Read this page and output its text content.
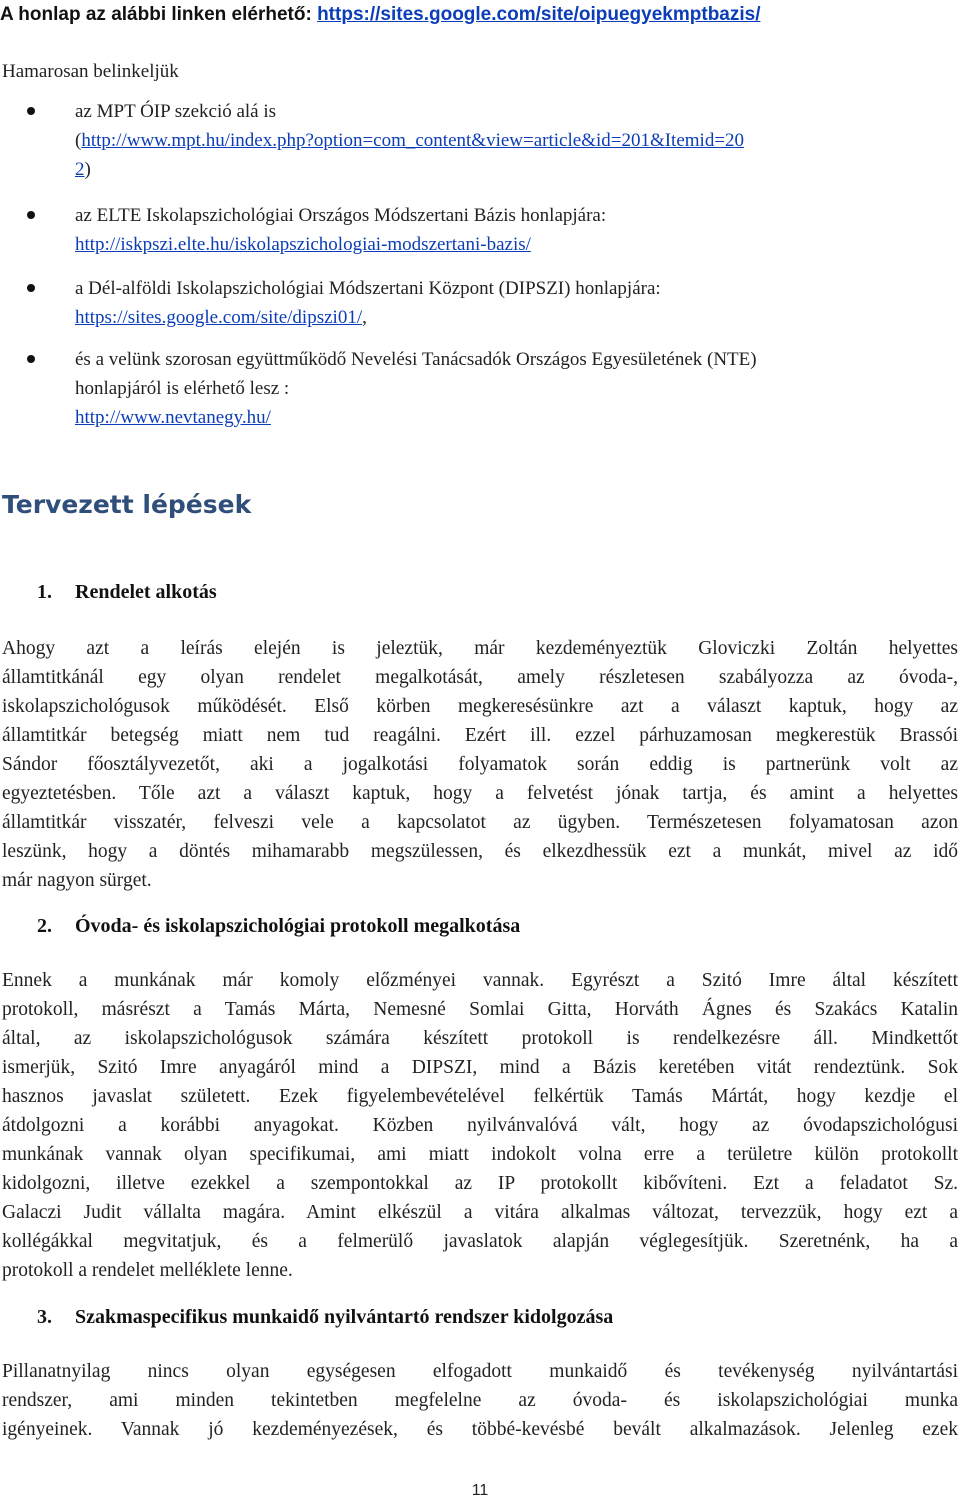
A honlap az alábbi linken elérhető: https://sites.google.com/site/oipuegyekmptbazis/
Hamarosan belinkeljük
az MPT ÓIP szekció alá is
(http://www.mpt.hu/index.php?option=com_content&view=article&id=201&Itemid=20
2)
az ELTE Iskolapszichológiai Országos Módszertani Bázis honlapjára:
http://iskpszi.elte.hu/iskolapszichologiai-modszertani-bazis/
a Dél-alföldi Iskolapszichológiai Módszertani Központ (DIPSZI) honlapjára:
https://sites.google.com/site/dipszi01/,
és a velünk szorosan együttműködő Nevelési Tanácsadók Országos Egyesületének (NTE)
honlapjáról is elérhető lesz :
http://www.nevtanegy.hu/
Tervezett lépések
1. Rendelet alkotás
Ahogy azt a leírás elején is jeleztük, már kezdeményeztük Gloviczki Zoltán helyettes
államtitkánál egy olyan rendelet megalkotását, amely részletesen szabályozza az óvoda-,
iskolapszichológusok működését. Első körben megkeresésünkre azt a választ kaptuk, hogy az
államtitkár betegség miatt nem tud reagálni. Ezért ill. ezzel párhuzamosan megkerestük Brassói
Sándor főosztályvezetőt, aki a jogalkotási folyamatok során eddig is partnerünk volt az
egyeztetésben. Tőle azt a választ kaptuk, hogy a felvetést jónak tartja, és amint a helyettes
államtitkár visszatér, felveszi vele a kapcsolatot az ügyben. Természetesen folyamatosan azon
leszünk, hogy a döntés mihamarabb megszülessen, és elkezdhessük ezt a munkát, mivel az idő
már nagyon sürget.
2. Óvoda- és iskolapszichológiai protokoll megalkotása
Ennek a munkának már komoly előzményei vannak. Egyrészt a Szitó Imre által készített
protokoll, másrészt a Tamás Márta, Nemesné Somlai Gitta, Horváth Ágnes és Szakács Katalin
által, az iskolapszichológusok számára készített protokoll is rendelkezésre áll. Mindkettőt
ismerjük, Szitó Imre anyagáról mind a DIPSZI, mind a Bázis keretében vitát rendeztünk. Sok
hasznos javaslat született. Ezek figyelembevételével felkértük Tamás Mártát, hogy kezdje el
átdolgozni a korábbi anyagokat. Közben nyilvánvalóvá vált, hogy az óvodapszichológusi
munkának vannak olyan specifikumai, ami miatt indokolt volna erre a területre külön protokollt
kidolgozni, illetve ezekkel a szempontokkal az IP protokollt kibővíteni. Ezt a feladatot Sz.
Galaczi Judit vállalta magára. Amint elkészül a vitára alkalmas változat, tervezzük, hogy ezt a
kollégákkal megvitatjuk, és a felmerülő javaslatok alapján véglegesítjük. Szeretnénk, ha a
protokoll a rendelet melléklete lenne.
3. Szakmaspecifikus munkaidő nyilvántartó rendszer kidolgozása
Pillanatnyilag nincs olyan egységesen elfogadott munkaidő és tevékenység nyilvántartási
rendszer, ami minden tekintetben megfelelne az óvoda- és iskolapszichológiai munka
igényeinek. Vannak jó kezdeményezések, és többé-kevésbé bevált alkalmazások. Jelenleg ezek
11
